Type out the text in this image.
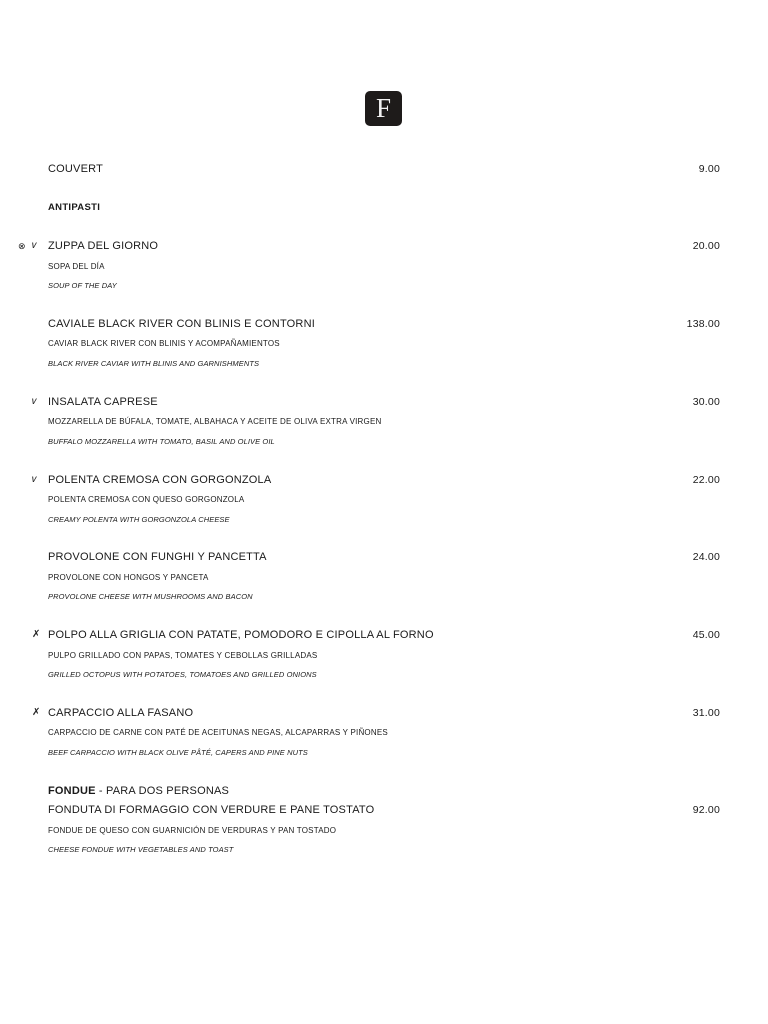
F
COUVERT	9.00
ANTIPASTI
⊗ 𝑣 ZUPPA DEL GIORNO	20.00
SOPA DEL DÍA
SOUP OF THE DAY
CAVIALE BLACK RIVER CON BLINIS E CONTORNI	138.00
CAVIAR BLACK RIVER CON BLINIS Y ACOMPAÑAMIENTOS
BLACK RIVER CAVIAR WITH BLINIS AND GARNISHMENTS
𝑣 INSALATA CAPRESE	30.00
MOZZARELLA DE BÚFALA, TOMATE, ALBAHACA Y ACEITE DE OLIVA EXTRA VIRGEN
BUFFALO MOZZARELLA WITH TOMATO, BASIL AND OLIVE OIL
𝑣 POLENTA CREMOSA CON GORGONZOLA	22.00
POLENTA CREMOSA CON QUESO GORGONZOLA
CREAMY POLENTA WITH GORGONZOLA CHEESE
PROVOLONE CON FUNGHI Y PANCETTA	24.00
PROVOLONE CON HONGOS Y PANCETA
PROVOLONE CHEESE WITH MUSHROOMS AND BACON
✗ POLPO ALLA GRIGLIA CON PATATE, POMODORO E CIPOLLA AL FORNO	45.00
PULPO GRILLADO CON PAPAS, TOMATES Y CEBOLLAS GRILLADAS
GRILLED OCTOPUS WITH POTATOES, TOMATOES AND GRILLED ONIONS
✗ CARPACCIO ALLA FASANO	31.00
CARPACCIO DE CARNE CON PATÉ DE ACEITUNAS NEGAS, ALCAPARRAS Y PIÑONES
BEEF CARPACCIO WITH BLACK OLIVE PÂTÉ, CAPERS AND PINE NUTS
FONDUE - PARA DOS PERSONAS
FONDUTA DI FORMAGGIO CON VERDURE E PANE TOSTATO	92.00
FONDUE DE QUESO CON GUARNICIÓN DE VERDURAS Y PAN TOSTADO
CHEESE FONDUE WITH VEGETABLES AND TOAST
